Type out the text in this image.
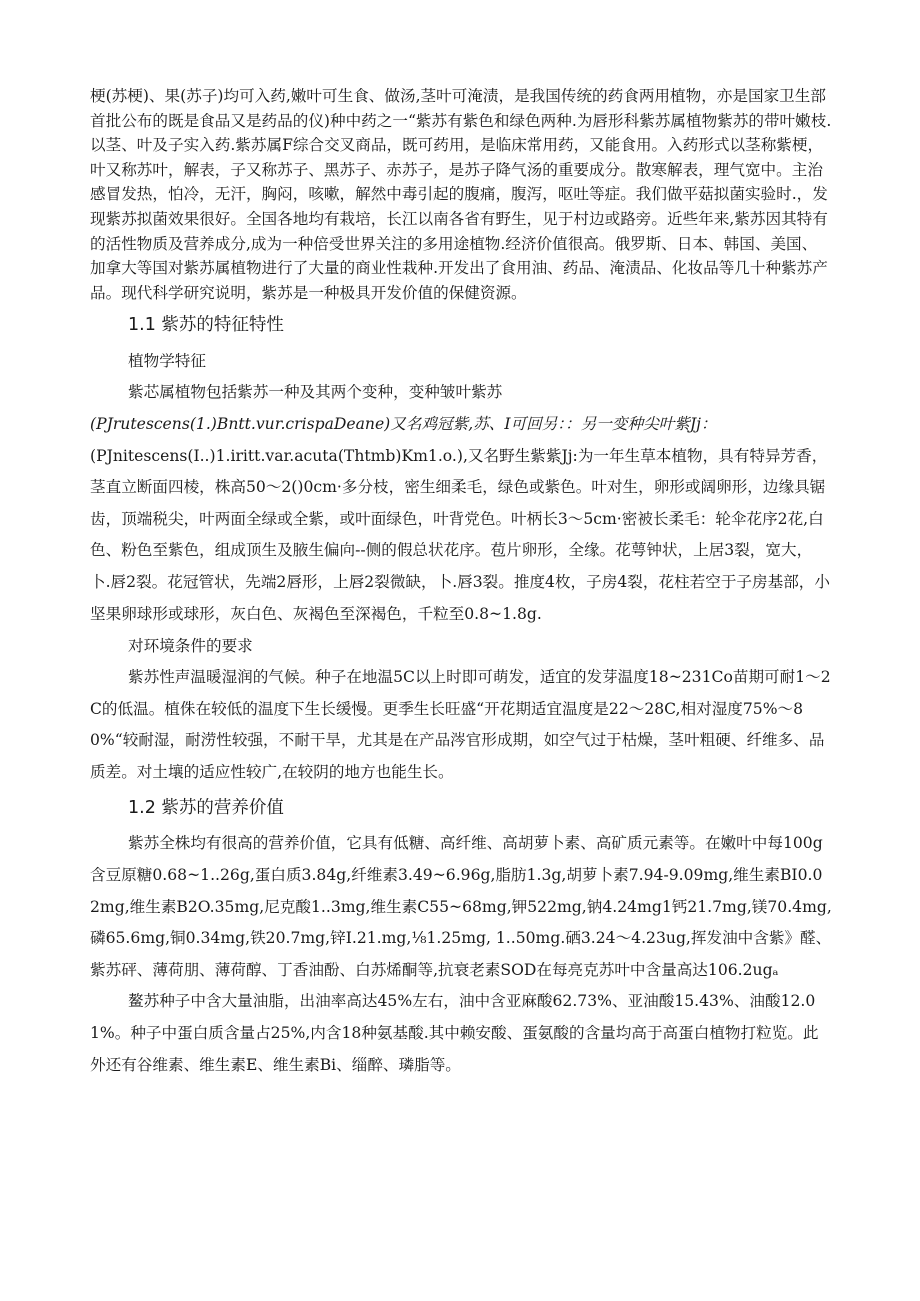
梗(苏梗)、果(苏子)均可入药,嫩叶可生食、做汤,茎叶可淹渍，是我国传统的药食两用植物，亦是国家卫生部首批公布的既是食品又是药品的仪)种中药之一“紫苏有紫色和绿色两种.为唇形科紫苏属植物紫苏的带叶嫩枝.以茎、叶及子实入药.紫苏属F综合交叉商品，既可药用，是临床常用药，又能食用。入药形式以茎称紫梗，叶又称苏叶，解表，子又称苏子、黑苏子、赤苏子，是苏子降气汤的重要成分。散寒解表，理气宽中。主治感冒发热，怕冷，无汗，胸闷，咳嗽，解然中毒引起的腹痛，腹泻，呕吐等症。我们做平菇拟菌实验时.，发现紫苏拟菌效果很好。全国各地均有栽培，长江以南各省有野生，见于村边或路旁。近些年来,紫苏因其特有的活性物质及营养成分,成为一种倍受世界关注的多用途植物.经济价值很高。俄罗斯、日本、韩国、美国、加拿大等国对紫苏属植物进行了大量的商业性栽种.开发出了食用油、药品、淹渍品、化妆品等几十种紫苏产品。现代科学研究说明，紫苏是一种极具开发价值的保健资源。

1.1 紫苏的特征特性

植物学特征

紫芯属植物包括紫苏一种及其两个变种，变种皱叶紫苏

(PJrutescens(1.)Bntt.vur.crispaDeane)又名鸡冠紫,苏、I可回另：：另一变种尖叶紫Jj：

(PJnitescens(I..)1.iritt.var.acuta(Thtmb)Km1.o.),又名野生紫紫Jj:为一年生草本植物，具有特异芳香，茎直立断面四棱，株高50〜2()0cm·多分枝，密生细柔毛，绿色或紫色。叶对生，卵形或阔卵形，边缘具锯齿，顶端税尖，叶两面全绿或全紫，或叶面绿色，叶背党色。叶柄长3〜5cm·密被长柔毛：轮伞花序2花,白色、粉色至紫色，组成顶生及腋生偏向--侧的假总状花序。苞片卵形，全缘。花萼钟状，上居3裂，宽大，卜.唇2裂。花冠管状，先端2唇形，上唇2裂微缺，卜.唇3裂。推度4枚，子房4裂，花柱若空于子房基部，小坚果卵球形或球形，灰白色、灰褐色至深褐色，千粒至0.8~1.8g.

对环境条件的要求

紫苏性声温暖湿润的气候。种子在地温5C以上时即可萌发，适宜的发芽温度18~231Co苗期可耐1〜2C的低温。植侏在较低的温度下生长缓慢。更季生长旺盛“开花期适宜温度是22〜28C,相对湿度75%〜80%“较耐湿，耐涝性较强，不耐干旱，尤其是在产品涔官形成期，如空气过于枯燥，茎叶粗硬、纤维多、品质差。对土壤的适应性较广,在较阴的地方也能生长。

1.2 紫苏的营养价值

紫苏全株均有很高的营养价值，它具有低糖、高纤维、高胡萝卜素、高矿质元素等。在嫩叶中每100g含豆原糖0.68~1..26g,蛋白质3.84g,纤维素3.49~6.96g,脂肪1.3g,胡萝卜素7.94-9.09mg,维生素BI0.02mg,维生素B2O.35mg,尼克酸1..3mg,维生素C55~68mg,钾522mg,钠4.24mg1钙21.7mg,镁70.4mg,磷65.6mg,铜0.34mg,铁20.7mg,锌I.21.mg,⅛1.25mg, 1..50mg.硒3.24〜4.23ug,挥发油中含紫》醛、紫苏砰、薄荷朋、薄荷醇、丁香油酚、白苏烯酮等,抗衰老素SOD在每亮克苏叶中含量高达106.2ugₐ

鳌苏种子中含大量油脂，出油率高达45%左右，油中含亚麻酸62.73%、亚油酸15.43%、油酸12.01%。种子中蛋白质含量占25%,内含18种氨基酸.其中赖安酸、蛋氨酸的含量均高于高蛋白植物打粒览。此外还有谷维素、维生素E、维生素Bi、缁醉、璘脂等。
